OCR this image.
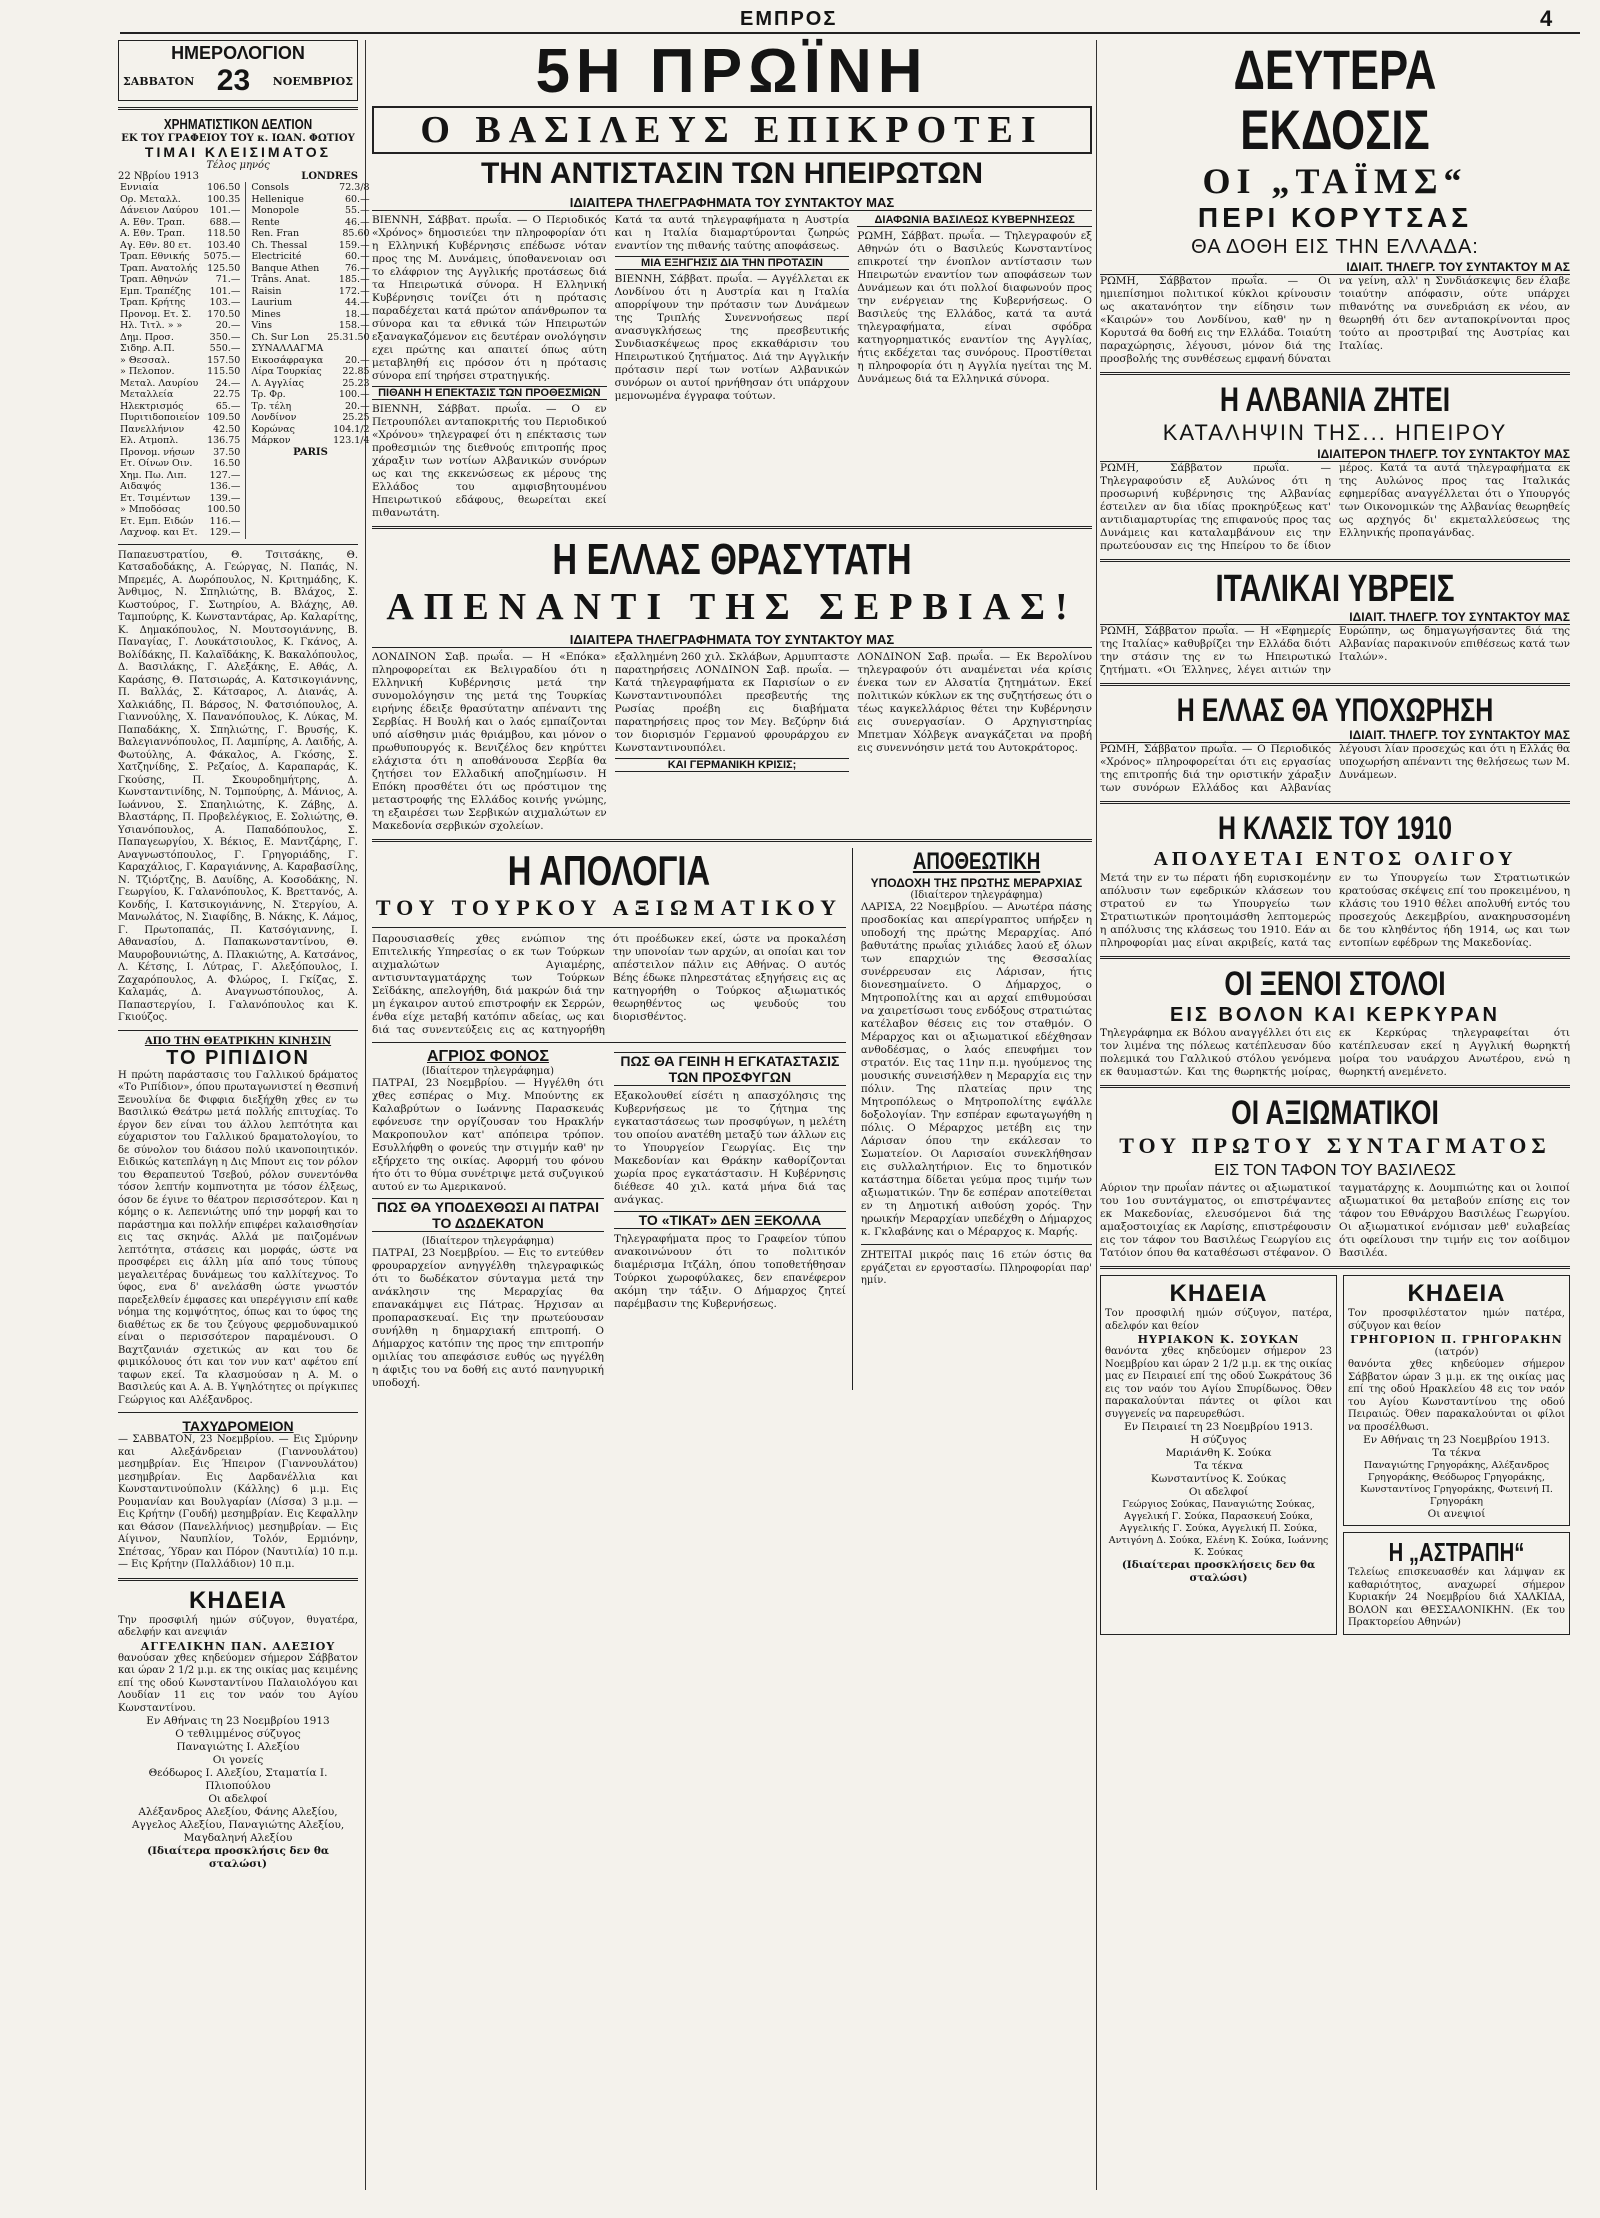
ΕΜΠΡΟΣ	4
ΗΜΕΡΟΛΟΓΙΟΝ
ΣΑΒΒΑΤΟΝ 23 ΝΟΕΜΒΡΙΟΣ
ΧΡΗΜΑΤΙΣΤΙΚΟΝ ΔΕΛΤΙΟΝ
ΕΚ ΤΟΥ ΓΡΑΦΕΙΟΥ ΤΟΥ κ. ΙΩΑΝ. ΦΩΤΙΟΥ
ΤΙΜΑΙ ΚΛΕΙΣΙΜΑΤΟΣ
Τέλος μηνός
22 Νβρίου 1913	LONDRES
Εννιαία	106.50
Ορ. Μεταλλ.	100.35
Δάνειον Λαύρου	101.—
Α. Εθν. Τραπ.	688.—
Α. Εθν. Τραπ.	118.50
Αγ. Εθν. 80 ετ.	103.40
Τραπ. Εθνικής	5075.—
Τραπ. Ανατολής	125.50
Τραπ. Αθηνών	71.—
Εμπ. Τραπέζης	101.—
Τραπ. Κρήτης	103.—
Προνομ. Ετ. Σ.	170.50
Ηλ. Τιτλ. » »	20.—
Δημ. Προσ.	350.—
Σιδηρ. Α.Π.	550.—
» Θεσσαλ.	157.50
» Πελοπον.	115.50
Μεταλ. Λαυρίου	24.—
Μεταλλεία	22.75
Ηλεκτρισμός	65.—
Πυριτιδοποιείον	109.50
Πανελλήνιον	42.50
Ελ. Ατμοπλ.	136.75
Προνομ. νήσων	37.50
Ετ. Οίνων Οιν.	16.50
Χημ. Πω. Λιπ.	127.—
Αιδαψός	136.—
Ετ. Τσιμέντων	139.—
» Μποδόσας	100.50
Ετ. Εμπ. Ειδών	116.—
Λαχνοφ. και Ετ.	129.—
Consols	72.3/8
Hellenique	60.—
Monopole	55.—
Rente	46.—
Ren. Fran	85.60
Ch. Thessal	159.—
Electricité	60.—
Banque Athen	76.—
Trâns. Anat.	185.—
Raisin	172.—
Laurium	44.—
Mines	18.—
Vins	158.—
Ch. Sur Lon	25.31.50
ΣΥΝΑΛΛΑΓΜΑ	
Εικοσάφραγκα	20.—
Λίρα Τουρκίας	22.85
Λ. Αγγλίας	25.23
Τρ. Φρ.	100.—
Τρ. τέλη	20.—
Λονδίνον	25.25
Κορώνας	104.1/2
Μάρκον	123.1/4
PARIS

Παπαευστρατίου, Θ. Τσιτσάκης, Θ. Κατσαδοδάκης, Α. Γεώργας, Ν. Παπάς, Ν. Μπρεμές, Α. Δωρόπουλος, Ν. Κριτημάδης, Κ. Άνθιμος, Ν. Σπηλιώτης, Β. Βλάχος, Σ. Κωστούρος, Γ. Σωτηρίου, Α. Βλάχης, Αθ. Ταμπούρης, Κ. Κωνσταντάρας, Αρ. Καλαρίτης, Κ. Δημακόπουλος, Ν. Μουτσογιάννης, Β. Παναγίας, Γ. Λουκάτσιουλος, Κ. Γκάνος, Α. Βολίδάκης, Π. Καλαϊδάκης, Κ. Βακαλόπουλος, Δ. Βασιλάκης, Γ. Αλεξάκης, Ε. Αθάς, Λ. Καράσης, Θ. Πατσιωράς, Α. Κατσικογιάννης, Π. Βαλλάς, Σ. Κάτσαρος, Λ. Διανάς, Α. Χαλκιάδης, Π. Βάρσος, Ν. Φατσιόπουλος, Α. Γιαννούλης, Χ. Πανανόπουλος, Κ. Λύκας, Μ. Παπαδάκης, Χ. Σπηλιώτης, Γ. Βρυσής, Κ. Βαλεγιαννόπουλος, Π. Λαμπίρης, Α. Λαιδής, Α. Φωτούλης, Α. Φάκαλος, Α. Γκόσης, Σ. Χατζηνίδης, Σ. Ρεζαίος, Δ. Καραπαράς, Κ. Γκούσης, Π. Σκουροδημήτρης, Δ. Κωνσταντινίδης, Ν. Τομπούρης, Δ. Μάνιος, Α. Ιωάννου, Σ. Σπαηλιώτης, Κ. Ζάβης, Δ. Βλαστάρης, Π. Προβελέγκιος, Ε. Σολιώτης, Θ. Υσιανόπουλος, Α. Παπαδόπουλος, Σ. Παπαγεωργίου, Χ. Βέκιος, Ε. Μαντζάρης, Γ. Αναγνωστόπουλος, Γ. Γρηγοριάδης, Γ. Καραχάλιος, Γ. Καραγιάννης, Α. Καραβασίλης, Ν. Τζιόρτζης, Β. Δαυίδης, Α. Κοσοδάκης, Ν. Γεωργίου, Κ. Γαλανόπουλος, Κ. Βρεττανός, Α. Κονδής, Ι. Κατσικογιάννης, Ν. Στεργίου, Α. Μανωλάτος, Ν. Σιαφίδης, Β. Νάκης, Κ. Λάμος, Γ. Πρωτοπαπάς, Π. Κατσόγιαννης, Ι. Αθανασίου, Δ. Παπακωνσταντίνου, Θ. Μαυροβουνιώτης, Δ. Πλακιώτης, Α. Κατσάνος, Λ. Κέτσης, Ι. Λύτρας, Γ. Αλεξόπουλος, Ι. Ζαχαρόπουλος, Α. Φλώρος, Ι. Γκίζας, Σ. Καλαμάς, Δ. Αναγνωστόπουλος, Α. Παπαστεργίου, Ι. Γαλανόπουλος και Κ. Γκιούζος.

ΑΠΟ ΤΗΝ ΘΕΑΤΡΙΚΗΝ ΚΙΝΗΣΙΝ
ΤΟ ΡΙΠΙΔΙΟΝ

Η πρώτη παράστασις του Γαλλικού δράματος «Το Ριπίδιον», όπου πρωταγωνιστεί η Θεσπινή Ξενουλίνα δε Φιφφια διεξήχθη χθες εν τω Βασιλικώ Θεάτρω μετά πολλής επιτυχίας. Το έργον δεν είναι του άλλου λεπτότητα και εύχαριστον του Γαλλικού δραματολογίου, το δε σύνολον του διάσου πολύ ικανοποιητικόν. Ειδικώς κατεπλάγη η Δις Μπουτ εις τον ρόλον του Θεραπευτού Τσεβού, ρόλον συνεντόνθα τόσον λεπτήν κομπνοτητα με τόσον έλξεως, όσον δε έγινε το θέατρον περισσότερον. Και η κόμης ο κ. Λεπενιώτης υπό την μορφή και το παράστημα και πολλήν επιφέρει καλαισθησίαν εις τας σκηνάς. Αλλά με παιζομένων λεπτότητα, στάσεις και μορφάς, ώστε να προσφέρει εις άλλη μία από τους τύπους μεγαλειτέρας δυνάμεως του καλλίτεχνος. Το ύφος, ενα δ' ανελάσθη ώστε γνωστόν παρεξελθείν έμφασες και υπερέγγισιν επί καθε νόημα της κομψότητος, όπως και το ύφος της διαθέτως εκ δε του ζεύγους φερμοδυναμικού είναι ο περισσότερον παραμένουσι. Ο Βαχτζανιάν σχετικώς αν και του δε φιμικόλουος ότι και τον νυν κατ' αφέτου επί ταφων εκεί. Τα κλασμούσαν η Α. Μ. ο Βασιλεύς και Α. Α. Β. Υψηλότητες οι πρίγκιπες Γεώργιος και Αλέξανδρος.

ΤΑΧΥΔΡΟΜΕΙΟΝ

— ΣΑΒΒΑΤΟΝ, 23 Νοεμβρίου. — Εις Σμύρνην και Αλεξάνδρειαν (Γιαννουλάτου) μεσημβρίαν. Εις Ήπειρον (Γιαννουλάτου) μεσημβρίαν. Εις Δαρδανέλλια και Κωνσταντινούπολιν (Κάλλης) 6 μ.μ. Εις Ρουμανίαν και Βουλγαρίαν (Λίσσα) 3 μ.μ. — Εις Κρήτην (Γουδή) μεσημβρίαν. Εις Κεφαλλην και Θάσον (Πανελλήνιος) μεσημβρίαν. — Εις Αίγινον, Ναυπλίον, Τολόν, Ερμιόνην, Σπέτσας, Ύδραν και Πόρον (Ναυτιλία) 10 π.μ. — Εις Κρήτην (Παλλάδιον) 10 π.μ.

ΚΗΔΕΙΑ

Την προσφιλή ημών σύζυγον, θυγατέρα, αδελφήν και ανεψιάν

ΑΓΓΕΛΙΚΗΝ ΠΑΝ. ΑΛΕΞΙΟΥ

θανούσαν χθες κηδεύομεν σήμερον Σάββατον και ώραν 2 1/2 μ.μ. εκ της οικίας μας κειμένης επί της οδού Κωνσταντίνου Παλαιολόγου και Λουδίαν 11 εις τον ναόν του Αγίου Κωνσταντίνου.

Εν Αθήναις τη 23 Νοεμβρίου 1913
Ο τεθλιμμένος σύζυγος
Παναγιώτης Ι. Αλεξίου
Οι γονείς
Θεόδωρος Ι. Αλεξίου, Σταματία Ι. Πλιοπούλου
Οι αδελφοί
Αλέξανδρος Αλεξίου, Φάνης Αλεξίου, Αγγελος Αλεξίου, Παναγιώτης Αλεξίου, Μαγδαληνή Αλεξίου
(Ιδιαίτερα προσκλήσις δεν θα σταλώσι)
5Η ΠΡΩΪΝΗ
Ο ΒΑΣΙΛΕΥΣ ΕΠΙΚΡΟΤΕΙ
ΤΗΝ ΑΝΤΙΣΤΑΣΙΝ ΤΩΝ ΗΠΕΙΡΩΤΩΝ
ΙΔΙΑΙΤΕΡΑ ΤΗΛΕΓΡΑΦΗΜΑΤΑ ΤΟΥ ΣΥΝΤΑΚΤΟΥ ΜΑΣ

ΒΙΕΝΝΗ, Σάββατ. πρωΐα. — Ο Περιοδικός «Χρόνος» δημοσιεύει την πληροφορίαν ότι η Ελληνική Κυβέρνησις επέδωσε νόταν προς της Μ. Δυνάμεις, ύποθανενοιαν οσι το ελάφριον της Αγγλικής προτάσεως διά τα Ηπειρωτικά σύνορα. Η Ελληνική Κυβέρνησις τονίζει ότι η πρότασις παραδέχεται κατά πρώτον απάνθρωπον τα σύνορα και τα εθνικά τών Ηπειρωτών εξαναγκαζόμενον εις δευτέραν ονολόγησιν εχει πρώτης και απαιτεί όπως αύτη μεταβληθή εις πρόσον ότι η πρότασις σύνορα επί τηρήσει στρατηγικής.

ΠΙΘΑΝΗ Η ΕΠΕΚΤΑΣΙΣ ΤΩΝ ΠΡΟΘΕΣΜΙΩΝ

ΒΙΕΝΝΗ, Σάββατ. πρωΐα. — Ο εν Πετρουπόλει ανταποκριτής του Περιοδικού «Χρόνου» τηλεγραφεί ότι η επέκτασις των προθεσμιών της διεθνούς επιτροπής προς χάραξιν των νοτίων Αλβανικών συνόρων ως και της εκκενώσεως εκ μέρους της Ελλάδος του αμφισβητουμένου Ηπειρωτικού εδάφους, θεωρείται εκεί πιθανωτάτη.

Κατά τα αυτά τηλεγραφήματα η Αυστρία και η Ιταλία διαμαρτύρονται ζωηρώς εναντίον της πιθανής ταύτης αποφάσεως.

ΜΙΑ ΕΞΗΓΗΣΙΣ ΔΙΑ ΤΗΝ ΠΡΟΤΑΣΙΝ

ΒΙΕΝΝΗ, Σάββατ. πρωΐα. — Αγγέλλεται εκ Λονδίνου ότι η Αυστρία και η Ιταλία απορρίψουν την πρότασιν των Δυνάμεων της Τριπλής Συνεννοήσεως περί ανασυγκλήσεως της πρεσβευτικής Συνδιασκέψεως προς εκκαθάρισιν του Ηπειρωτικού ζητήματος. Διά την Αγγλικήν πρότασιν περί των νοτίων Αλβανικών συνόρων οι αυτοί ηρνήθησαν ότι υπάρχουν μεμονωμένα έγγραφα τούτων.

ΔΙΑΦΩΝΙΑ ΒΑΣΙΛΕΩΣ ΚΥΒΕΡΝΗΣΕΩΣ

ΡΩΜΗ, Σάββατ. πρωΐα. — Τηλεγραφούν εξ Αθηνών ότι ο Βασιλεύς Κωνσταντίνος επικροτεί την ένοπλον αντίστασιν των Ηπειρωτών εναντίον των αποφάσεων των Δυνάμεων και ότι πολλοί διαφωνούν προς την ενέργειαν της Κυβερνήσεως. Ο Βασιλεύς της Ελλάδος, κατά τα αυτά τηλεγραφήματα, είναι σφόδρα κατηγορηματικός εναντίον της Αγγλίας, ήτις εκδέχεται τας συνόρους. Προστίθεται η πληροφορία ότι η Αγγλία ηγείται της Μ. Δυνάμεως διά τα Ελληνικά σύνορα.

Η ΕΛΛΑΣ ΘΡΑΣΥΤΑΤΗ
ΑΠΕΝΑΝΤΙ ΤΗΣ ΣΕΡΒΙΑΣ!
ΙΔΙΑΙΤΕΡΑ ΤΗΛΕΓΡΑΦΗΜΑΤΑ ΤΟΥ ΣΥΝΤΑΚΤΟΥ ΜΑΣ

ΛΟΝΔΙΝΟΝ Σαβ. πρωΐα. — Η «Επόκα» πληροφορείται εκ Βελιγραδίου ότι η Ελληνική Κυβέρνησις μετά την συνομολόγησιν της μετά της Τουρκίας ειρήνης έδειξε θρασύτατην απέναντι της Σερβίας. Η Βουλή και ο λαός εμπαίζονται υπό αίσθησιν μιάς θριάμβου, και μόνον ο πρωθυπουργός κ. Βενιζέλος δεν κηρύττει ελάχιστα ότι η αποθάνουσα Σερβία θα ζητήσει τον Ελλαδική αποζημίωσιν. Η Επόκη προσθέτει ότι ως πρόστιμον της μεταστροφής της Ελλάδος κοινής γνώμης, τη εξαιρέσει των Σερβικών αιχμαλώτων εν Μακεδονία σερβικών σχολείων.

εξαλλημένη 260 χιλ. Σκλάβων, Αρμυπταστε παρατηρήσεις ΛΟΝΔΙΝΟΝ Σαβ. πρωΐα. — Κατά τηλεγραφήματα εκ Παρισίων ο εν Κωνσταντινουπόλει πρεσβευτής της Ρωσίας προέβη εις διαβήματα παρατηρήσεις προς τον Μεγ. Βεζύρην διά τον διορισμόν Γερμανού φρουράρχου εν Κωνσταντινουπόλει.

ΚΑΙ ΓΕΡΜΑΝΙΚΗ ΚΡΙΣΙΣ;

ΛΟΝΔΙΝΟΝ Σαβ. πρωΐα. — Εκ Βερολίνου τηλεγραφούν ότι αναμένεται νέα κρίσις ένεκα των εν Αλσατία ζητημάτων. Εκεί πολιτικών κύκλων εκ της συζητήσεως ότι ο τέως καγκελλάριος θέτει την Κυβέρνησιν εις συνεργασίαν. Ο Αρχηγιστηρίας Μπετμαν Χόλβεγκ αναγκάζεται να προβή εις συνεννόησιν μετά του Αυτοκράτορος.

Η ΑΠΟΛΟΓΙΑ
ΤΟΥ ΤΟΥΡΚΟΥ ΑΞΙΩΜΑΤΙΚΟΥ

Παρουσιασθείς χθες ενώπιον της Επιτελικής Υπηρεσίας ο εκ των Τούρκων αιχμαλώτων Αγιαμέρης, αντισυνταγματάρχης των Τούρκων Σεϊδάκης, απελογήθη, διά μακρών διά την μη έγκαιρον αυτού επιστροφήν εκ Σερρών, ένθα είχε μεταβή κατόπιν αδείας, ως και διά τας συνεντεύξεις εις ας κατηγορήθη ότι προέδωκεν εκεί, ώστε να προκαλέση την υπονοίαν των αρχών, αι οποίαι και τον απέστειλον πάλιν εις Αθήνας. Ο αυτός Βέης έδωκε πληρεστάτας εξηγήσεις εις ας κατηγορήθη ο Τούρκος αξιωματικός θεωρηθέντος ως ψευδούς του διορισθέντος.

ΑΓΡΙΟΣ ΦΟΝΟΣ
(Ιδιαίτερον τηλεγράφημα)

ΠΑΤΡΑΙ, 23 Νοεμβρίου. — Ηγγέλθη ότι χθες εσπέρας ο Μιχ. Μπούντης εκ Καλαβρύτων ο Ιωάννης Παρασκευάς εφόνευσε την οργίζουσαν του Ηρακλήν Μακροπουλον κατ' απόπειρα τρόπον. Εσυλλήφθη ο φονεύς την στιγμήν καθ' ην εξήρχετο της οικίας. Αφορμή του φόνου ήτο ότι το θύμα συνέτριψε μετά συζυγικού αυτού εν τω Αμερικανού.

ΠΩΣ ΘΑ ΥΠΟΔΕΧΘΩΣΙ ΑΙ ΠΑΤΡΑΙ ΤΟ ΔΩΔΕΚΑΤΟΝ
(Ιδιαίτερον τηλεγράφημα)

ΠΑΤΡΑΙ, 23 Νοεμβρίου. — Εις το εντεύθεν φρουραρχείον ανηγγέλθη τηλεγραφικώς ότι το δωδέκατον σύνταγμα μετά την ανάκλησιν της Μεραρχίας θα επανακάμψει εις Πάτρας. Ήρχισαν αι προπαρασκευαί. Εις την πρωτεύουσαν συνήλθη η δημαρχιακή επιτροπή. Ο Δήμαρχος κατόπιν της προς την επιτροπήν ομιλίας του απεφάσισε ευθύς ως ηγγέλθη η άφιξις του να δοθή εις αυτό πανηγυρική υποδοχή.

ΠΩΣ ΘΑ ΓΕΙΝΗ Η ΕΓΚΑΤΑΣΤΑΣΙΣ ΤΩΝ ΠΡΟΣΦΥΓΩΝ

Εξακολουθεί είσέτι η απασχόλησις της Κυβερνήσεως με το ζήτημα της εγκαταστάσεως των προσφύγων, η μελέτη του οποίου ανατέθη μεταξύ των άλλων εις το Υπουργείον Γεωργίας. Εις την Μακεδονίαν και Θράκην καθορίζονται χωρία προς εγκατάστασιν. Η Κυβέρνησις διέθεσε 40 χιλ. κατά μήνα διά τας ανάγκας.

ΤΟ «ΤΙΚΑΤ» ΔΕΝ ΞΕΚΟΛΛΑ

Τηλεγραφήματα προς το Γραφείον τύπου ανακοινώνουν ότι το πολιτικόν διαμέρισμα Ιτζάλη, όπου τοποθετήθησαν Τούρκοι χωροφύλακες, δεν επανέφερον ακόμη την τάξιν. Ο Δήμαρχος ζητεί παρέμβασιν της Κυβερνήσεως.

ΑΠΟΘΕΩΤΙΚΗ
ΥΠΟΔΟΧΗ ΤΗΣ ΠΡΩΤΗΣ ΜΕΡΑΡΧΙΑΣ
(Ιδιαίτερον τηλεγράφημα)

ΛΑΡΙΣΑ, 22 Νοεμβρίου. — Ανωτέρα πάσης προσδοκίας και απερίγραπτος υπήρξεν η υποδοχή της πρώτης Μεραρχίας. Από βαθυτάτης πρωΐας χιλιάδες λαού εξ όλων των επαρχιών της Θεσσαλίας συνέρρευσαν εις Λάρισαν, ήτις διονεσημαίνετο. Ο Δήμαρχος, ο Μητροπολίτης και αι αρχαί επιθυμούσαι να χαιρετίσωσι τους ενδόξους στρατιώτας κατέλαβον θέσεις εις τον σταθμόν. Ο Μέραρχος και οι αξιωματικοί εδέχθησαν ανθοδέσμας, ο λαός επευφήμει τον στρατόν. Εις τας 11ην π.μ. ηγούμενος της μουσικής συνεισήλθεν η Μεραρχία εις την πόλιν. Της πλατείας πριν της Μητροπόλεως ο Μητροπολίτης εψάλλε δοξολογίαν. Την εσπέραν εφωταγωγήθη η πόλις. Ο Μέραρχος μετέβη εις την Λάρισαν όπου την εκάλεσαν το Σωματείον. Οι Λαρισαίοι συνεκλήθησαν εις συλλαλητήριον. Εις το δημοτικόν κατάστημα δίδεται γεύμα προς τιμήν των αξιωματικών. Την δε εσπέραν αποτείθεται εν τη Δημοτική αιθούση χορός. Την ηρωικήν Μεραρχίαν υπεδέχθη ο Δήμαρχος κ. Γκλαβάνης και ο Μέραρχος κ. Μαρής.

ΖΗΤΕΙΤΑΙ μικρός παις 16 ετών όστις θα εργάζεται εν εργοστασίω. Πληροφορίαι παρ' ημίν.

ΔΕΥΤΕΡΑ ΕΚΔΟΣΙΣ
ΟΙ „ΤΑΪΜΣ“
ΠΕΡΙ ΚΟΡΥΤΣΑΣ
ΘΑ ΔΟΘΗ ΕΙΣ ΤΗΝ ΕΛΛΑΔΑ:
ΙΔΙΑΙΤ. ΤΗΛΕΓΡ. ΤΟΥ ΣΥΝΤΑΚΤΟΥ Μ ΑΣ

ΡΩΜΗ, Σάββατον πρωΐα. — Οι ημιεπίσημοι πολιτικοί κύκλοι κρίνουσιν ως ακατανόητον την είδησιν των «Καιρών» του Λονδίνου, καθ' ην η Κορυτσά θα δοθή εις την Ελλάδα. Τοιαύτη παραχώρησις, λέγουσι, μόνον διά της προσβολής της συνθέσεως εμφανή δύναται να γείνη, αλλ' η Συνδιάσκεψις δεν έλαβε τοιαύτην απόφασιν, ούτε υπάρχει πιθανότης να συνεδριάση εκ νέου, αν θεωρηθή ότι δεν ανταποκρίνονται προς τούτο αι προστριβαί της Αυστρίας και Ιταλίας.

Η ΑΛΒΑΝΙΑ ΖΗΤΕΙ
ΚΑΤΑΛΗΨΙΝ ΤΗΣ... ΗΠΕΙΡΟΥ
ΙΔΙΑΙΤΕΡΟΝ ΤΗΛΕΓΡ. ΤΟΥ ΣΥΝΤΑΚΤΟΥ ΜΑΣ

ΡΩΜΗ, Σάββατον πρωΐα. — Τηλεγραφούσιν εξ Αυλώνος ότι η προσωρινή κυβέρνησις της Αλβανίας έστειλεν αν δια ιδίας προκηρύξεως κατ' αντιδιαμαρτυρίας της επιφανούς προς τας Δυνάμεις και καταλαμβάνουν εις την πρωτεύουσαν εις της Ηπείρου το δε ίδιον μέρος. Κατά τα αυτά τηλεγραφήματα εκ της Αυλώνος προς τας Ιταλικάς εφημερίδας αναγγέλλεται ότι ο Υπουργός των Οικονομικών της Αλβανίας θεωρηθείς ως αρχηγός δι' εκμεταλλεύσεως της Ελληνικής προπαγάνδας.

ΙΤΑΛΙΚΑΙ ΥΒΡΕΙΣ
ΙΔΙΑΙΤ. ΤΗΛΕΓΡ. ΤΟΥ ΣΥΝΤΑΚΤΟΥ ΜΑΣ

ΡΩΜΗ, Σάββατον πρωΐα. — Η «Εφημερίς της Ιταλίας» καθυβρίζει την Ελλάδα διότι την στάσιν της εν τω Ηπειρωτικώ ζητήματι. «Οι Έλληνες, λέγει αιτιών την Ευρώπην, ως δημαγωγήσαντες διά της Αλβανίας παρακινούν επιθέσεως κατά των Ιταλών».

Η ΕΛΛΑΣ ΘΑ ΥΠΟΧΩΡΗΣΗ
ΙΔΙΑΙΤ. ΤΗΛΕΓΡ. ΤΟΥ ΣΥΝΤΑΚΤΟΥ ΜΑΣ

ΡΩΜΗ, Σάββατον πρωΐα. — Ο Περιοδικός «Χρόνος» πληροφορείται ότι εις εργασίας της επιτροπής διά την οριστικήν χάραξιν των συνόρων Ελλάδος και Αλβανίας λέγουσι λίαν προσεχώς και ότι η Ελλάς θα υποχωρήση απέναντι της θελήσεως των Μ. Δυνάμεων.

Η ΚΛΑΣΙΣ ΤΟΥ 1910
ΑΠΟΛΥΕΤΑΙ ΕΝΤΟΣ ΟΛΙΓΟΥ

Μετά την εν τω πέρατι ήδη ευρισκομένην απόλυσιν των εφεδρικών κλάσεων του στρατού εν τω Υπουργείω των Στρατιωτικών προητοιμάσθη λεπτομερώς η απόλυσις της κλάσεως του 1910. Εάν αι πληροφορίαι μας είναι ακριβείς, κατά τας εν τω Υπουργείω των Στρατιωτικών κρατούσας σκέψεις επί του προκειμένου, η κλάσις του 1910 θέλει απολυθή εντός του προσεχούς Δεκεμβρίου, ανακηρυσσομένη δε του κληθέντος ήδη 1914, ως και των εντοπίων εφέδρων της Μακεδονίας.

ΟΙ ΞΕΝΟΙ ΣΤΟΛΟΙ
ΕΙΣ ΒΟΛΟΝ ΚΑΙ ΚΕΡΚΥΡΑΝ

Τηλεγράφημα εκ Βόλου αναγγέλλει ότι εις τον λιμένα της πόλεως κατέπλευσαν δύο πολεμικά του Γαλλικού στόλου γενόμενα εκ θαυμαστών. Και της θωρηκτής μοίρας, εκ Κερκύρας τηλεγραφείται ότι κατέπλευσαν εκεί η Αγγλική θωρηκτή μοίρα του ναυάρχου Ανωτέρου, ενώ η θωρηκτή ανεμένετο.

ΟΙ ΑΞΙΩΜΑΤΙΚΟΙ
ΤΟΥ ΠΡΩΤΟΥ ΣΥΝΤΑΓΜΑΤΟΣ
ΕΙΣ ΤΟΝ ΤΑΦΟΝ ΤΟΥ ΒΑΣΙΛΕΩΣ

Αύριον την πρωΐαν πάντες οι αξιωματικοί του 1ου συντάγματος, οι επιστρέψαντες εκ Μακεδονίας, ελευσόμενοι διά της αμαξοστοιχίας εκ Λαρίσης, επιστρέφουσιν εις τον τάφον του Βασιλέως Γεωργίου εις Τατόιον όπου θα καταθέσωσι στέφανον. Ο ταγματάρχης κ. Δουμπιώτης και οι λοιποί αξιωματικοί θα μεταβούν επίσης εις τον τάφον του Εθνάρχου Βασιλέως Γεωργίου. Οι αξιωματικοί ενόμισαν μεθ' ευλαβείας ότι οφείλουσι την τιμήν εις τον αοίδιμον Βασιλέα.

ΚΗΔΕΙΑ

Τον προσφιλή ημών σύζυγον, πατέρα, αδελφόν και θείον

ΗΥΡΙΑΚΟΝ Κ. ΣΟΥΚΑΝ

θανόντα χθες κηδεύομεν σήμερον 23 Νοεμβρίου και ώραν 2 1/2 μ.μ. εκ της οικίας μας εν Πειραιεί επί της οδού Σωκράτους 36 εις τον ναόν του Αγίου Σπυρίδωνος. Όθεν παρακαλούνται πάντες οι φίλοι και συγγενείς να παρευρεθώσι.

Εν Πειραιεί τη 23 Νοεμβρίου 1913.
Η σύζυγος
Μαριάνθη Κ. Σούκα
Τα τέκνα
Κωνσταντίνος Κ. Σούκας
Οι αδελφοί
Γεώργιος Σούκας, Παναγιώτης Σούκας, Αγγελική Γ. Σούκα, Παρασκευή Σούκα, Αγγελικής Γ. Σούκα, Αγγελική Π. Σούκα, Αντιγόνη Δ. Σούκα, Ελένη Κ. Σούκα, Ιωάννης Κ. Σούκας
(Ιδιαίτεραι προσκλήσεις δεν θα σταλώσι)
ΚΗΔΕΙΑ

Τον προσφιλέστατον ημών πατέρα, σύζυγον και θείον

ΓΡΗΓΟΡΙΟΝ Π. ΓΡΗΓΟΡΑΚΗΝ
(ιατρόν)

θανόντα χθες κηδεύομεν σήμερον Σάββατον ώραν 3 μ.μ. εκ της οικίας μας επί της οδού Ηρακλείου 48 εις τον ναόν του Αγίου Κωνσταντίνου της οδού Πειραιώς. Όθεν παρακαλούνται οι φίλοι να προσέλθωσι.

Εν Αθήναις τη 23 Νοεμβρίου 1913.
Τα τέκνα
Παναγιώτης Γρηγοράκης, Αλέξανδρος Γρηγοράκης, Θεόδωρος Γρηγοράκης, Κωνσταντίνος Γρηγοράκης, Φωτεινή Π. Γρηγοράκη
Οι ανεψιοί
Η „ΑΣΤΡΑΠΗ“

Τελείως επισκευασθέν και λάμψαν εκ καθαριότητος, αναχωρεί σήμερον Κυριακήν 24 Νοεμβρίου διά ΧΑΛΚΙΔΑ, ΒΟΛΟΝ και ΘΕΣΣΑΛΟΝΙΚΗΝ. (Εκ του Πρακτορείου Αθηνών)
